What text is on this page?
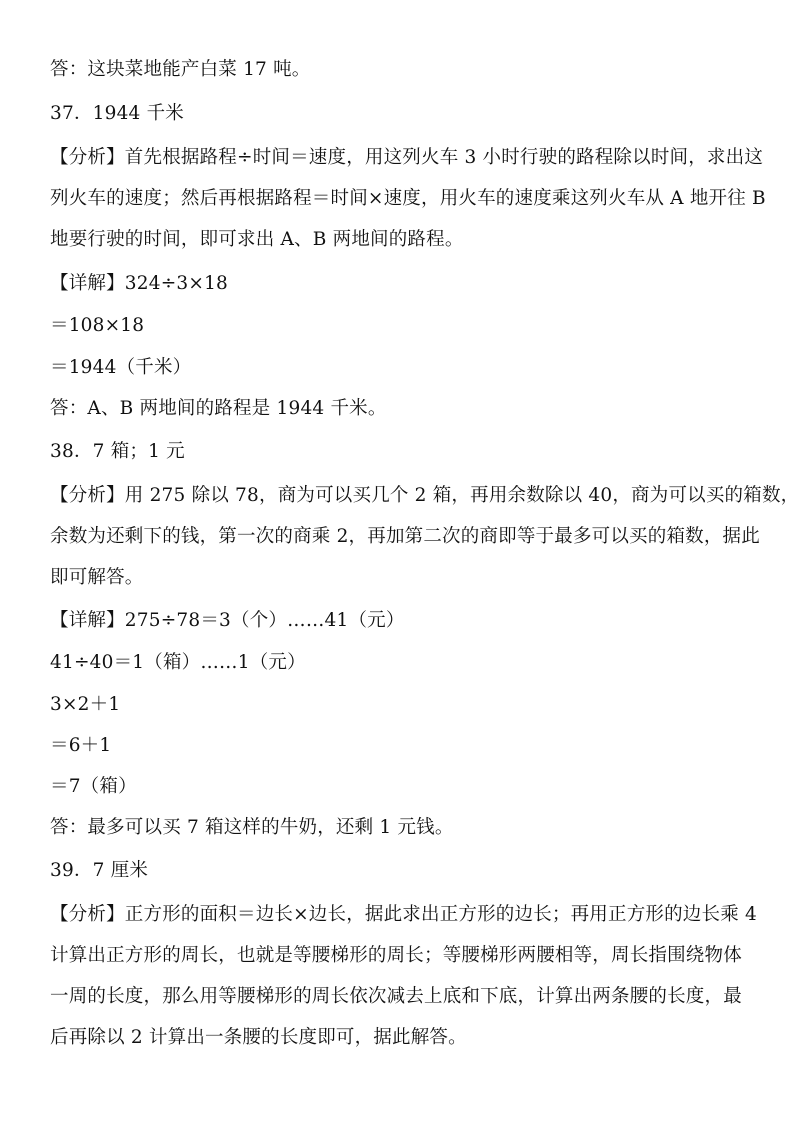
答：这块菜地能产白菜 17 吨。
37．1944 千米
【分析】首先根据路程÷时间＝速度，用这列火车 3 小时行驶的路程除以时间，求出这
列火车的速度；然后再根据路程＝时间×速度，用火车的速度乘这列火车从 A 地开往 B
地要行驶的时间，即可求出 A、B 两地间的路程。
【详解】324÷3×18
＝108×18
＝1944（千米）
答：A、B 两地间的路程是 1944 千米。
38．7 箱；1 元
【分析】用 275 除以 78，商为可以买几个 2 箱，再用余数除以 40，商为可以买的箱数，
余数为还剩下的钱，第一次的商乘 2，再加第二次的商即等于最多可以买的箱数，据此
即可解答。
【详解】275÷78＝3（个）……41（元）
41÷40＝1（箱）……1（元）
3×2＋1
＝6＋1
＝7（箱）
答：最多可以买 7 箱这样的牛奶，还剩 1 元钱。
39．7 厘米
【分析】正方形的面积＝边长×边长，据此求出正方形的边长；再用正方形的边长乘 4
计算出正方形的周长，也就是等腰梯形的周长；等腰梯形两腰相等，周长指围绕物体
一周的长度，那么用等腰梯形的周长依次减去上底和下底，计算出两条腰的长度，最
后再除以 2 计算出一条腰的长度即可，据此解答。
